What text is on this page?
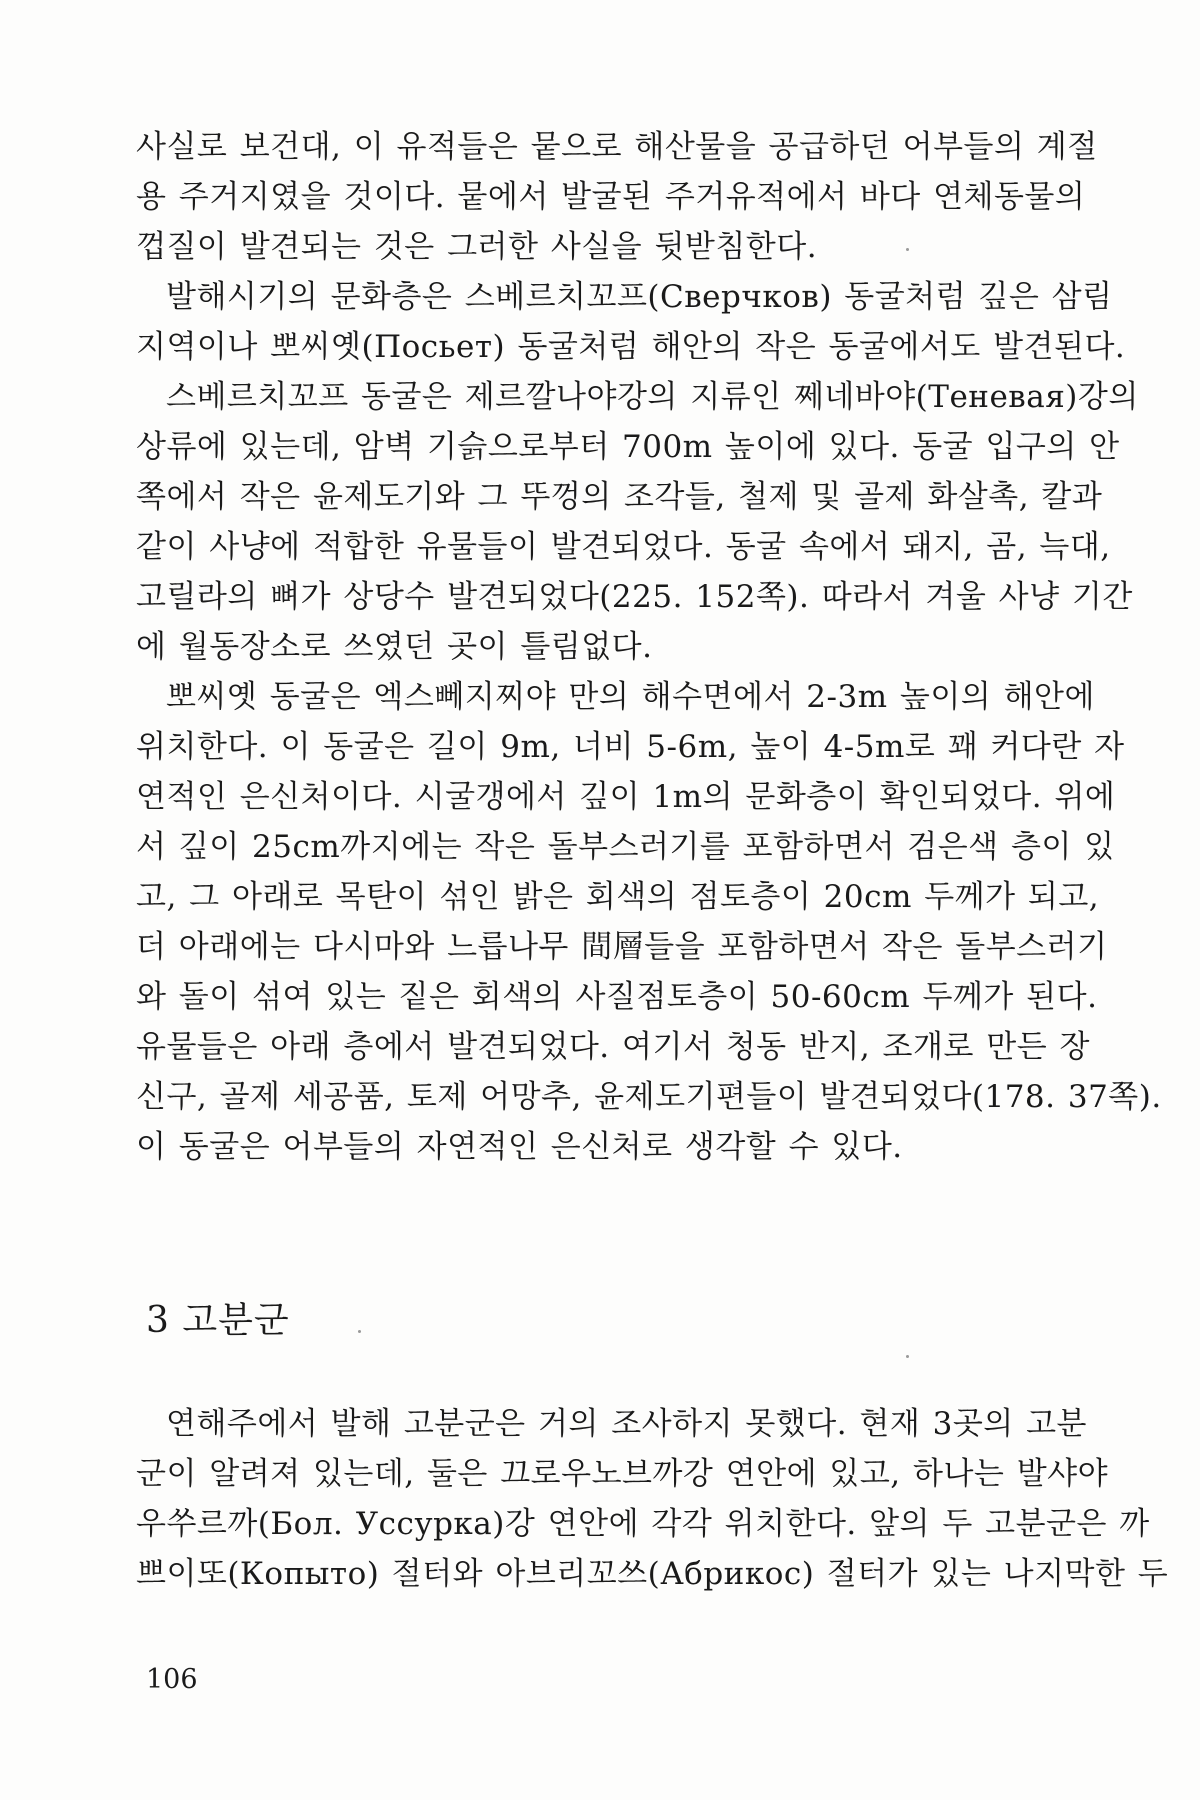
사실로 보건대, 이 유적들은 뭍으로 해산물을 공급하던 어부들의 계절
용 주거지였을 것이다. 뭍에서 발굴된 주거유적에서 바다 연체동물의
껍질이 발견되는 것은 그러한 사실을 뒷받침한다.
발해시기의 문화층은 스베르치꼬프(Сверчков) 동굴처럼 깊은 삼림
지역이나 뽀씨옛(Посьет) 동굴처럼 해안의 작은 동굴에서도 발견된다.
스베르치꼬프 동굴은 제르깔나야강의 지류인 쩨네바야(Теневая)강의
상류에 있는데, 암벽 기슭으로부터 700m 높이에 있다. 동굴 입구의 안
쪽에서 작은 윤제도기와 그 뚜껑의 조각들, 철제 및 골제 화살촉, 칼과
같이 사냥에 적합한 유물들이 발견되었다. 동굴 속에서 돼지, 곰, 늑대,
고릴라의 뼈가 상당수 발견되었다(225. 152쪽). 따라서 겨울 사냥 기간
에 월동장소로 쓰였던 곳이 틀림없다.
뽀씨옛 동굴은 엑스뻬지찌야 만의 해수면에서 2-3m 높이의 해안에
위치한다. 이 동굴은 길이 9m, 너비 5-6m, 높이 4-5m로 꽤 커다란 자
연적인 은신처이다. 시굴갱에서 깊이 1m의 문화층이 확인되었다. 위에
서 깊이 25cm까지에는 작은 돌부스러기를 포함하면서 검은색 층이 있
고, 그 아래로 목탄이 섞인 밝은 회색의 점토층이 20cm 두께가 되고,
더 아래에는 다시마와 느릅나무 間層들을 포함하면서 작은 돌부스러기
와 돌이 섞여 있는 짙은 회색의 사질점토층이 50-60cm 두께가 된다.
유물들은 아래 층에서 발견되었다. 여기서 청동 반지, 조개로 만든 장
신구, 골제 세공품, 토제 어망추, 윤제도기편들이 발견되었다(178. 37쪽).
이 동굴은 어부들의 자연적인 은신처로 생각할 수 있다.
3 고분군
연해주에서 발해 고분군은 거의 조사하지 못했다. 현재 3곳의 고분
군이 알려져 있는데, 둘은 끄로우노브까강 연안에 있고, 하나는 발샤야
우쑤르까(Бол. Уссурка)강 연안에 각각 위치한다. 앞의 두 고분군은 까
쁘이또(Копыто) 절터와 아브리꼬쓰(Абрикос) 절터가 있는 나지막한 두
106
